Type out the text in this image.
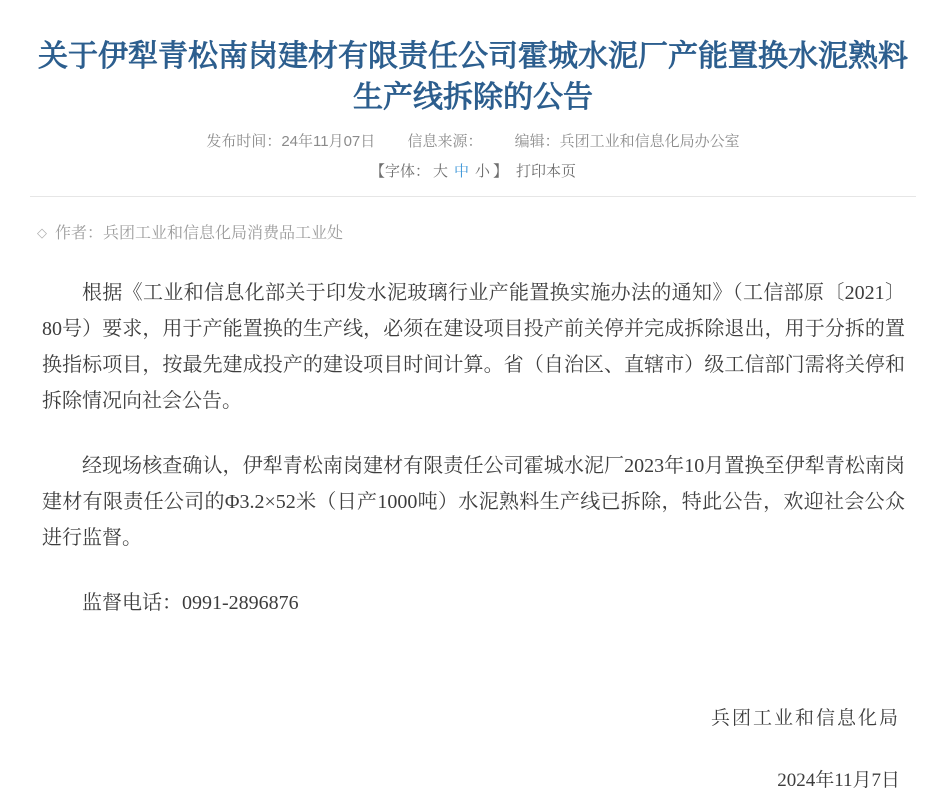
关于伊犁青松南岗建材有限责任公司霍城水泥厂产能置换水泥熟料生产线拆除的公告
发布时间：24年11月07日 信息来源： 编辑：兵团工业和信息化局办公室
【字体： 大 中 小 】 打印本页
◇ 作者：兵团工业和信息化局消费品工业处

根据《工业和信息化部关于印发水泥玻璃行业产能置换实施办法的通知》（工信部原〔2021〕80号）要求，用于产能置换的生产线，必须在建设项目投产前关停并完成拆除退出，用于分拆的置换指标项目，按最先建成投产的建设项目时间计算。省（自治区、直辖市）级工信部门需将关停和拆除情况向社会公告。

经现场核查确认，伊犁青松南岗建材有限责任公司霍城水泥厂2023年10月置换至伊犁青松南岗建材有限责任公司的Φ3.2×52米（日产1000吨）水泥熟料生产线已拆除，特此公告，欢迎社会公众进行监督。

监督电话：0991-2896876

兵团工业和信息化局
2024年11月7日
